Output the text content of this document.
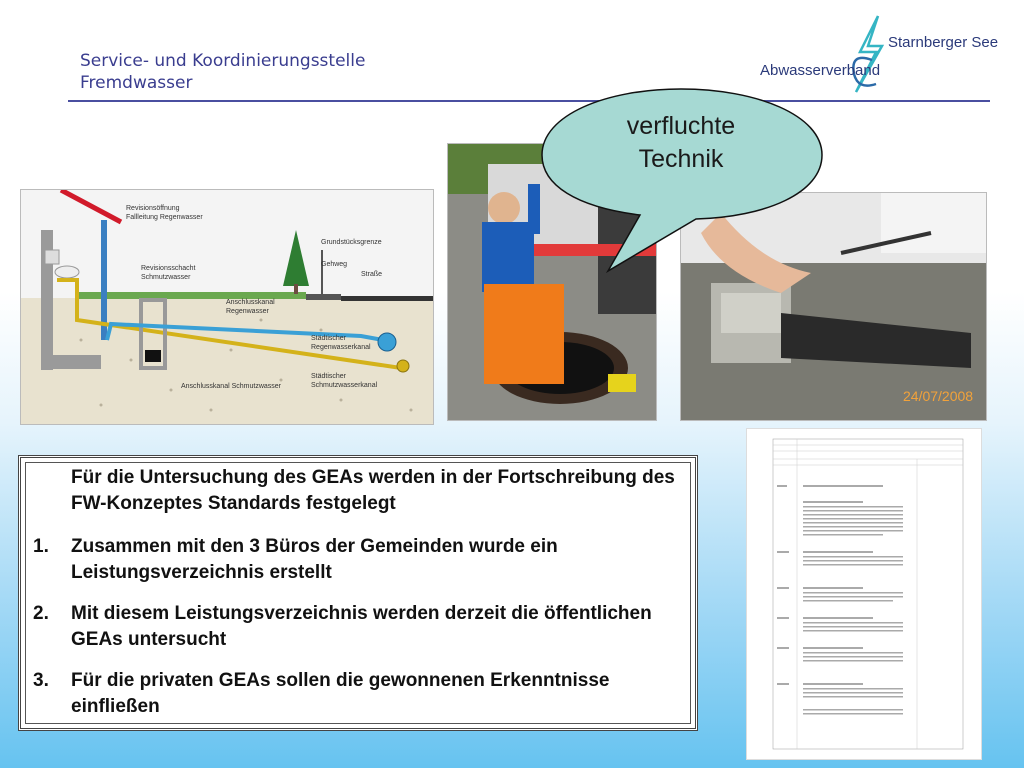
Service- und Koordinierungsstelle
Fremdwasser
Starnberger See
Abwasserverband
Revisionsöffnung
Fallleitung Regenwasser
Grundstücksgrenze
Revisionsschacht
Schmutzwasser
Gehweg
Straße
Anschlusskanal
Regenwasser
Städtischer
Regenwasserkanal
Anschlusskanal Schmutzwasser
Städtischer
Schmutzwasserkanal
24/07/2008
verfluchte
Technik
Für die Untersuchung des GEAs werden in der Fortschreibung des FW-Konzeptes Standards festgelegt
1. Zusammen mit den 3 Büros der Gemeinden wurde ein Leistungsverzeichnis erstellt
2. Mit diesem Leistungsverzeichnis werden derzeit die öffentlichen GEAs untersucht
3. Für die privaten GEAs sollen die gewonnenen Erkenntnisse einfließen
